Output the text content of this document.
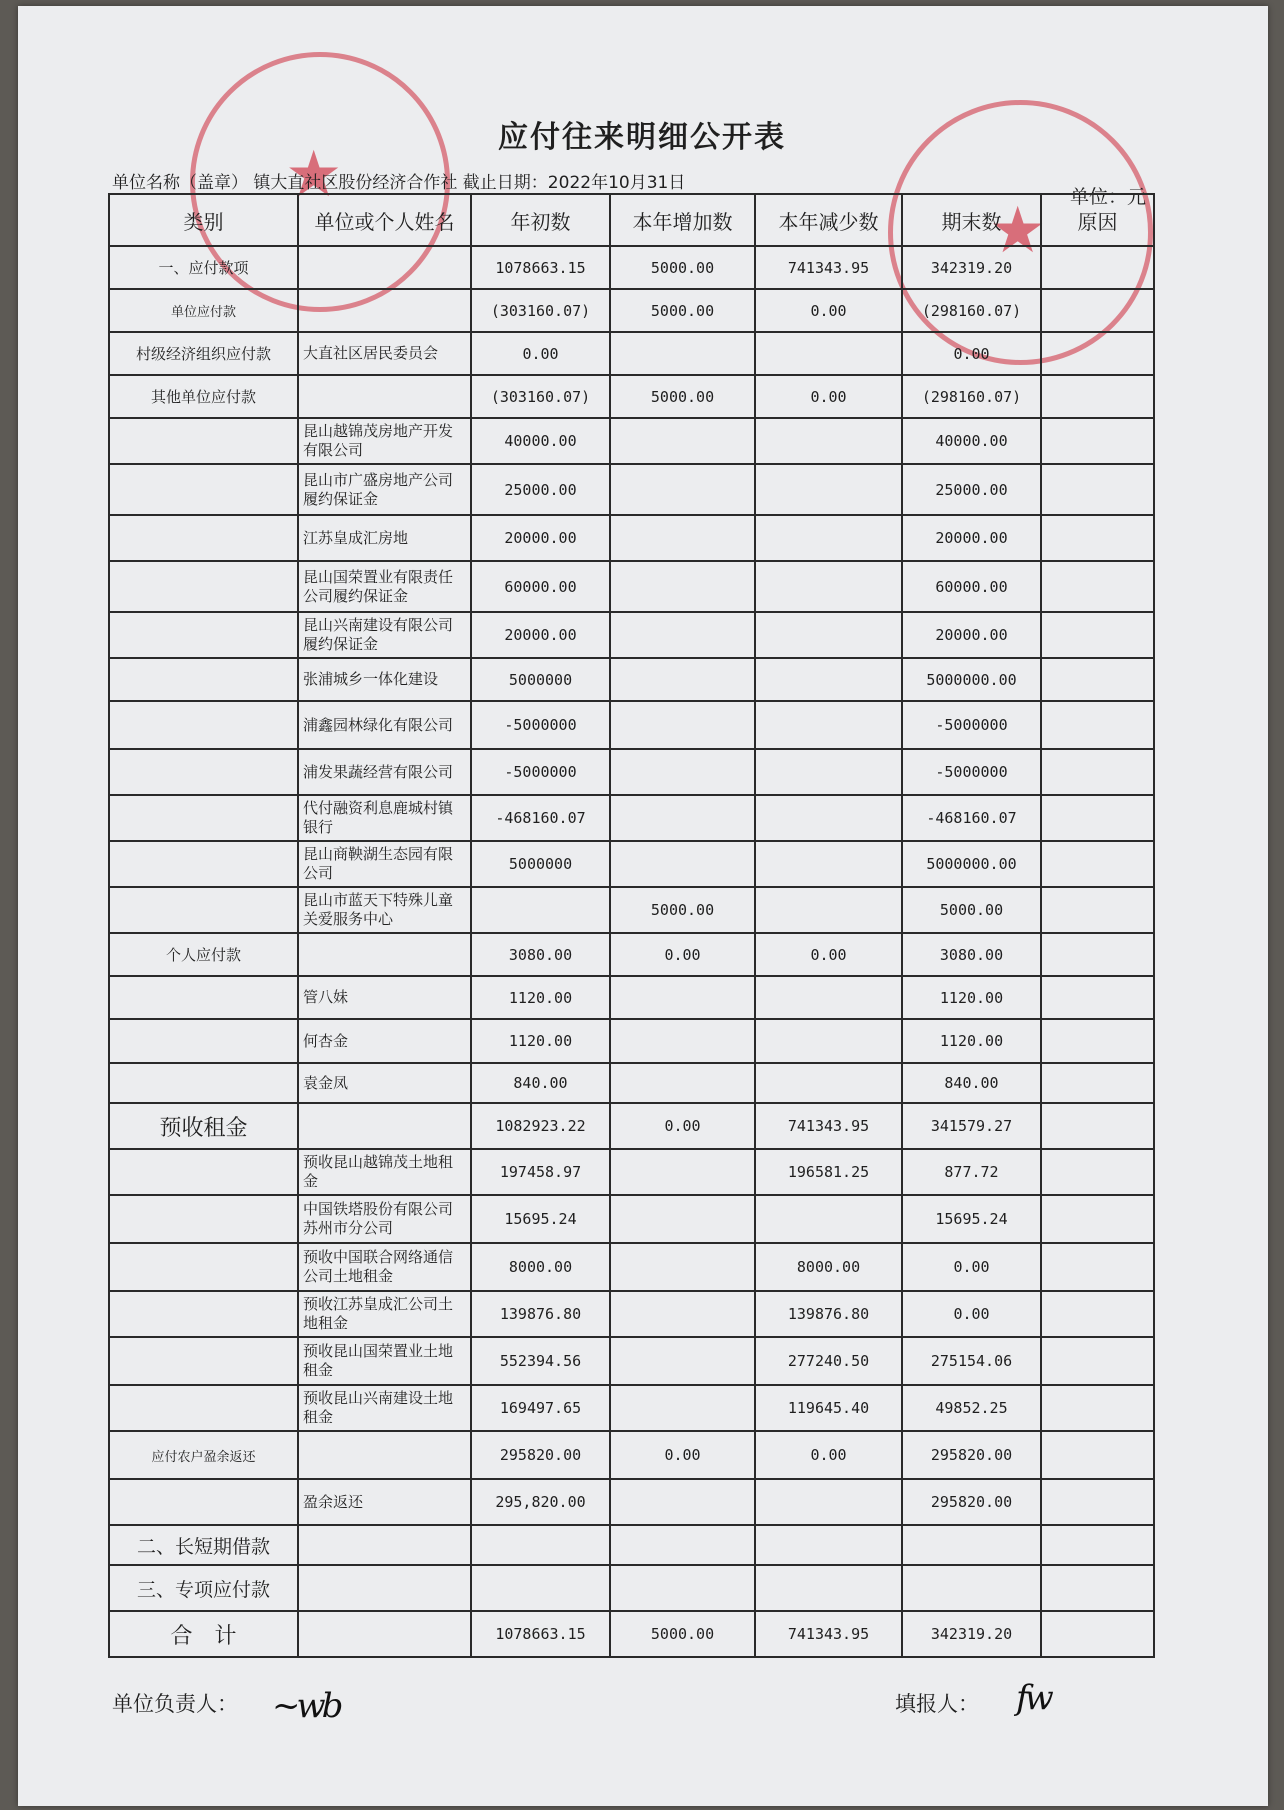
★
★
应付往来明细公开表
单位名称（盖章） 镇大直社区股份经济合作社 截止日期：2022年10月31日
单位：元
类别	单位或个人姓名	年初数	本年增加数	本年减少数	期末数	原因
一、应付款项		1078663.15	5000.00	741343.95	342319.20	
单位应付款		(303160.07)	5000.00	0.00	(298160.07)	
村级经济组织应付款	大直社区居民委员会	0.00			0.00	
其他单位应付款		(303160.07)	5000.00	0.00	(298160.07)	
	昆山越锦茂房地产开发有限公司	40000.00			40000.00	
	昆山市广盛房地产公司履约保证金	25000.00			25000.00	
	江苏皇成汇房地	20000.00			20000.00	
	昆山国荣置业有限责任公司履约保证金	60000.00			60000.00	
	昆山兴南建设有限公司履约保证金	20000.00			20000.00	
	张浦城乡一体化建设	5000000			5000000.00	
	浦鑫园林绿化有限公司	-5000000			-5000000	
	浦发果蔬经营有限公司	-5000000			-5000000	
	代付融资利息鹿城村镇银行	-468160.07			-468160.07	
	昆山商鞅湖生态园有限公司	5000000			5000000.00	
	昆山市蓝天下特殊儿童关爱服务中心		5000.00		5000.00	
个人应付款		3080.00	0.00	0.00	3080.00	
	管八妹	1120.00			1120.00	
	何杏金	1120.00			1120.00	
	袁金凤	840.00			840.00	
预收租金		1082923.22	0.00	741343.95	341579.27	
	预收昆山越锦茂土地租金	197458.97		196581.25	877.72	
	中国铁塔股份有限公司苏州市分公司	15695.24			15695.24	
	预收中国联合网络通信公司土地租金	8000.00		8000.00	0.00	
	预收江苏皇成汇公司土地租金	139876.80		139876.80	0.00	
	预收昆山国荣置业土地租金	552394.56		277240.50	275154.06	
	预收昆山兴南建设土地租金	169497.65		119645.40	49852.25	
应付农户盈余返还		295820.00	0.00	0.00	295820.00	
	盈余返还	295,820.00			295820.00	
二、长短期借款						
三、专项应付款						
合　计		1078663.15	5000.00	741343.95	342319.20	
单位负责人： ~wb	填报人： fw
